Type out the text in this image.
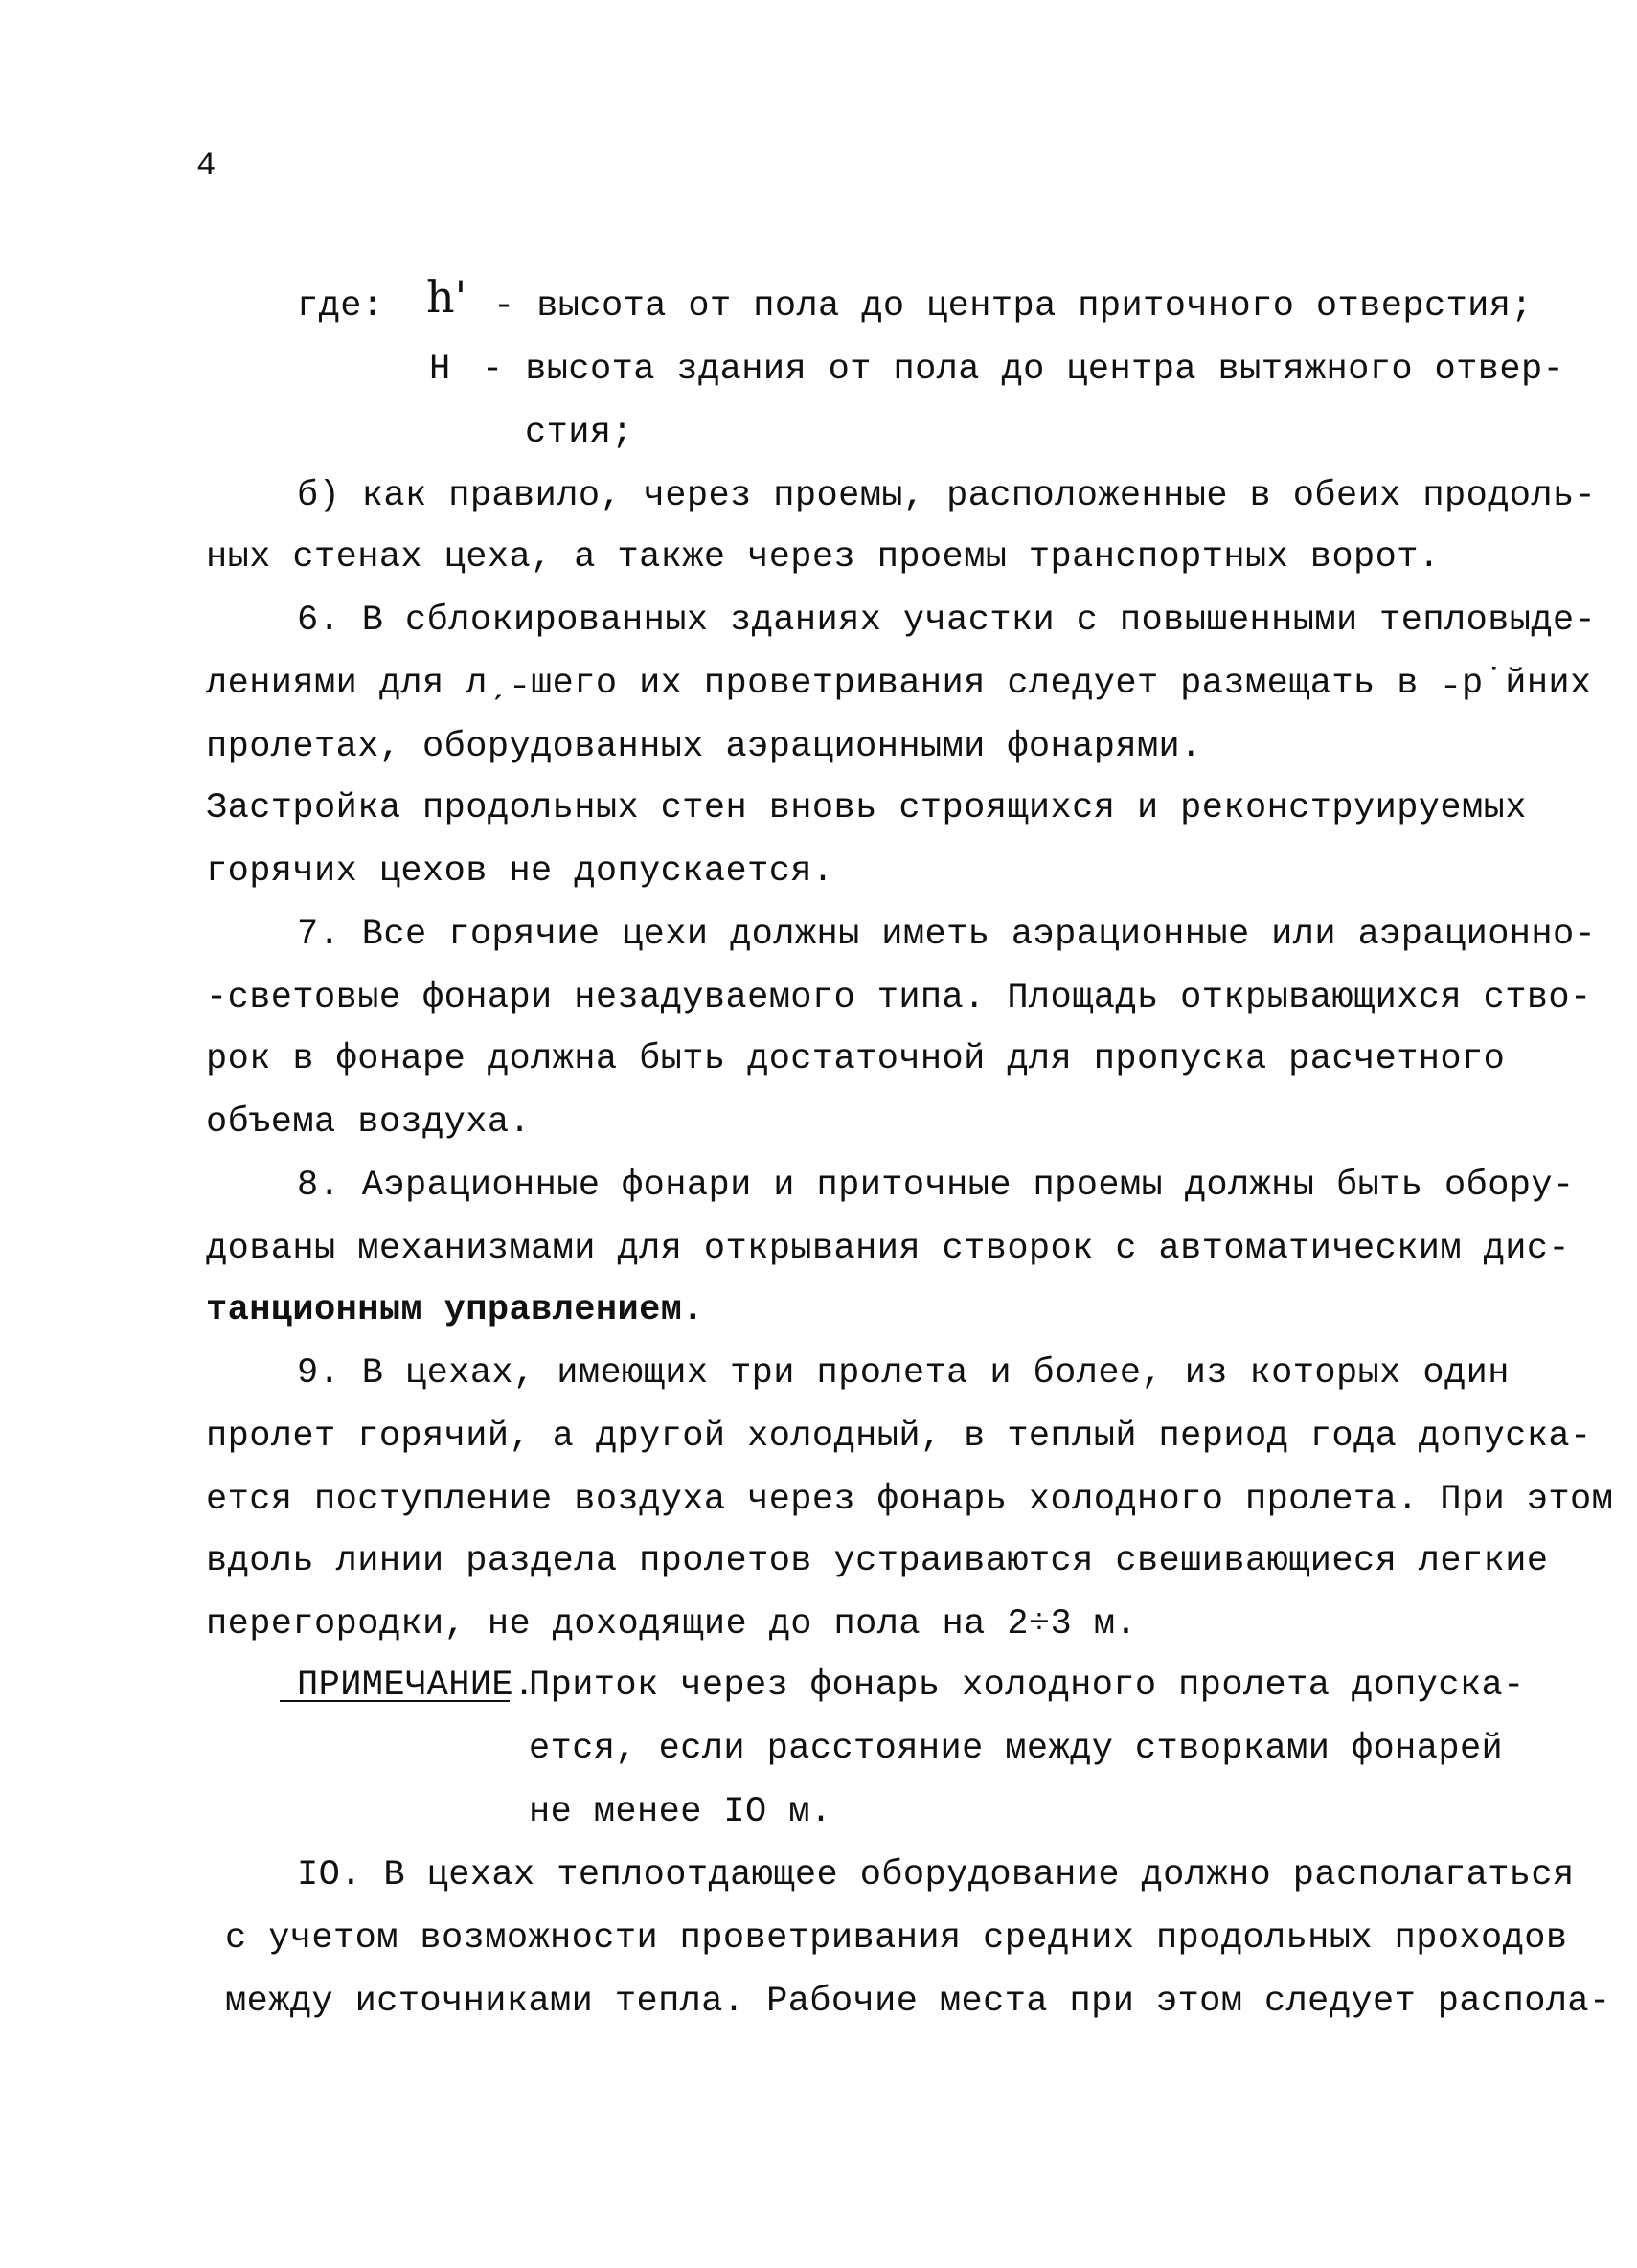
4
где: h' - высота от пола до центра приточного отверстия;
Н - высота здания от пола до центра вытяжного отвер-
стия;
б) как правило, через проемы, расположенные в обеих продоль-
ных стенах цеха, а также через проемы транспортных ворот.
6. В сблокированных зданиях участки с повышенными тепловыде-
лениями для лˏ˗шего их проветривания следует размещать в ˗р˙йних
пролетах, оборудованных аэрационными фонарями.
Застройка продольных стен вновь строящихся и реконструируемых
горячих цехов не допускается.
7. Все горячие цехи должны иметь аэрационные или аэрационно-
-световые фонари незадуваемого типа. Площадь открывающихся ство-
рок в фонаре должна быть достаточной для пропуска расчетного
объема воздуха.
8. Аэрационные фонари и приточные проемы должны быть обору-
дованы механизмами для открывания створок с автоматическим дис-
танционным управлением.
9. В цехах, имеющих три пролета и более, из которых один
пролет горячий, а другой холодный, в теплый период года допуска-
ется поступление воздуха через фонарь холодного пролета. При этом
вдоль линии раздела пролетов устраиваются свешивающиеся легкие
перегородки, не доходящие до пола на 2÷3 м.
ПРИМЕЧАНИЕ.
Приток через фонарь холодного пролета допуска-
ется, если расстояние между створками фонарей
не менее IO м.
IO. В цехах теплоотдающее оборудование должно располагаться
с учетом возможности проветривания средних продольных проходов
между источниками тепла. Рабочие места при этом следует распола-
